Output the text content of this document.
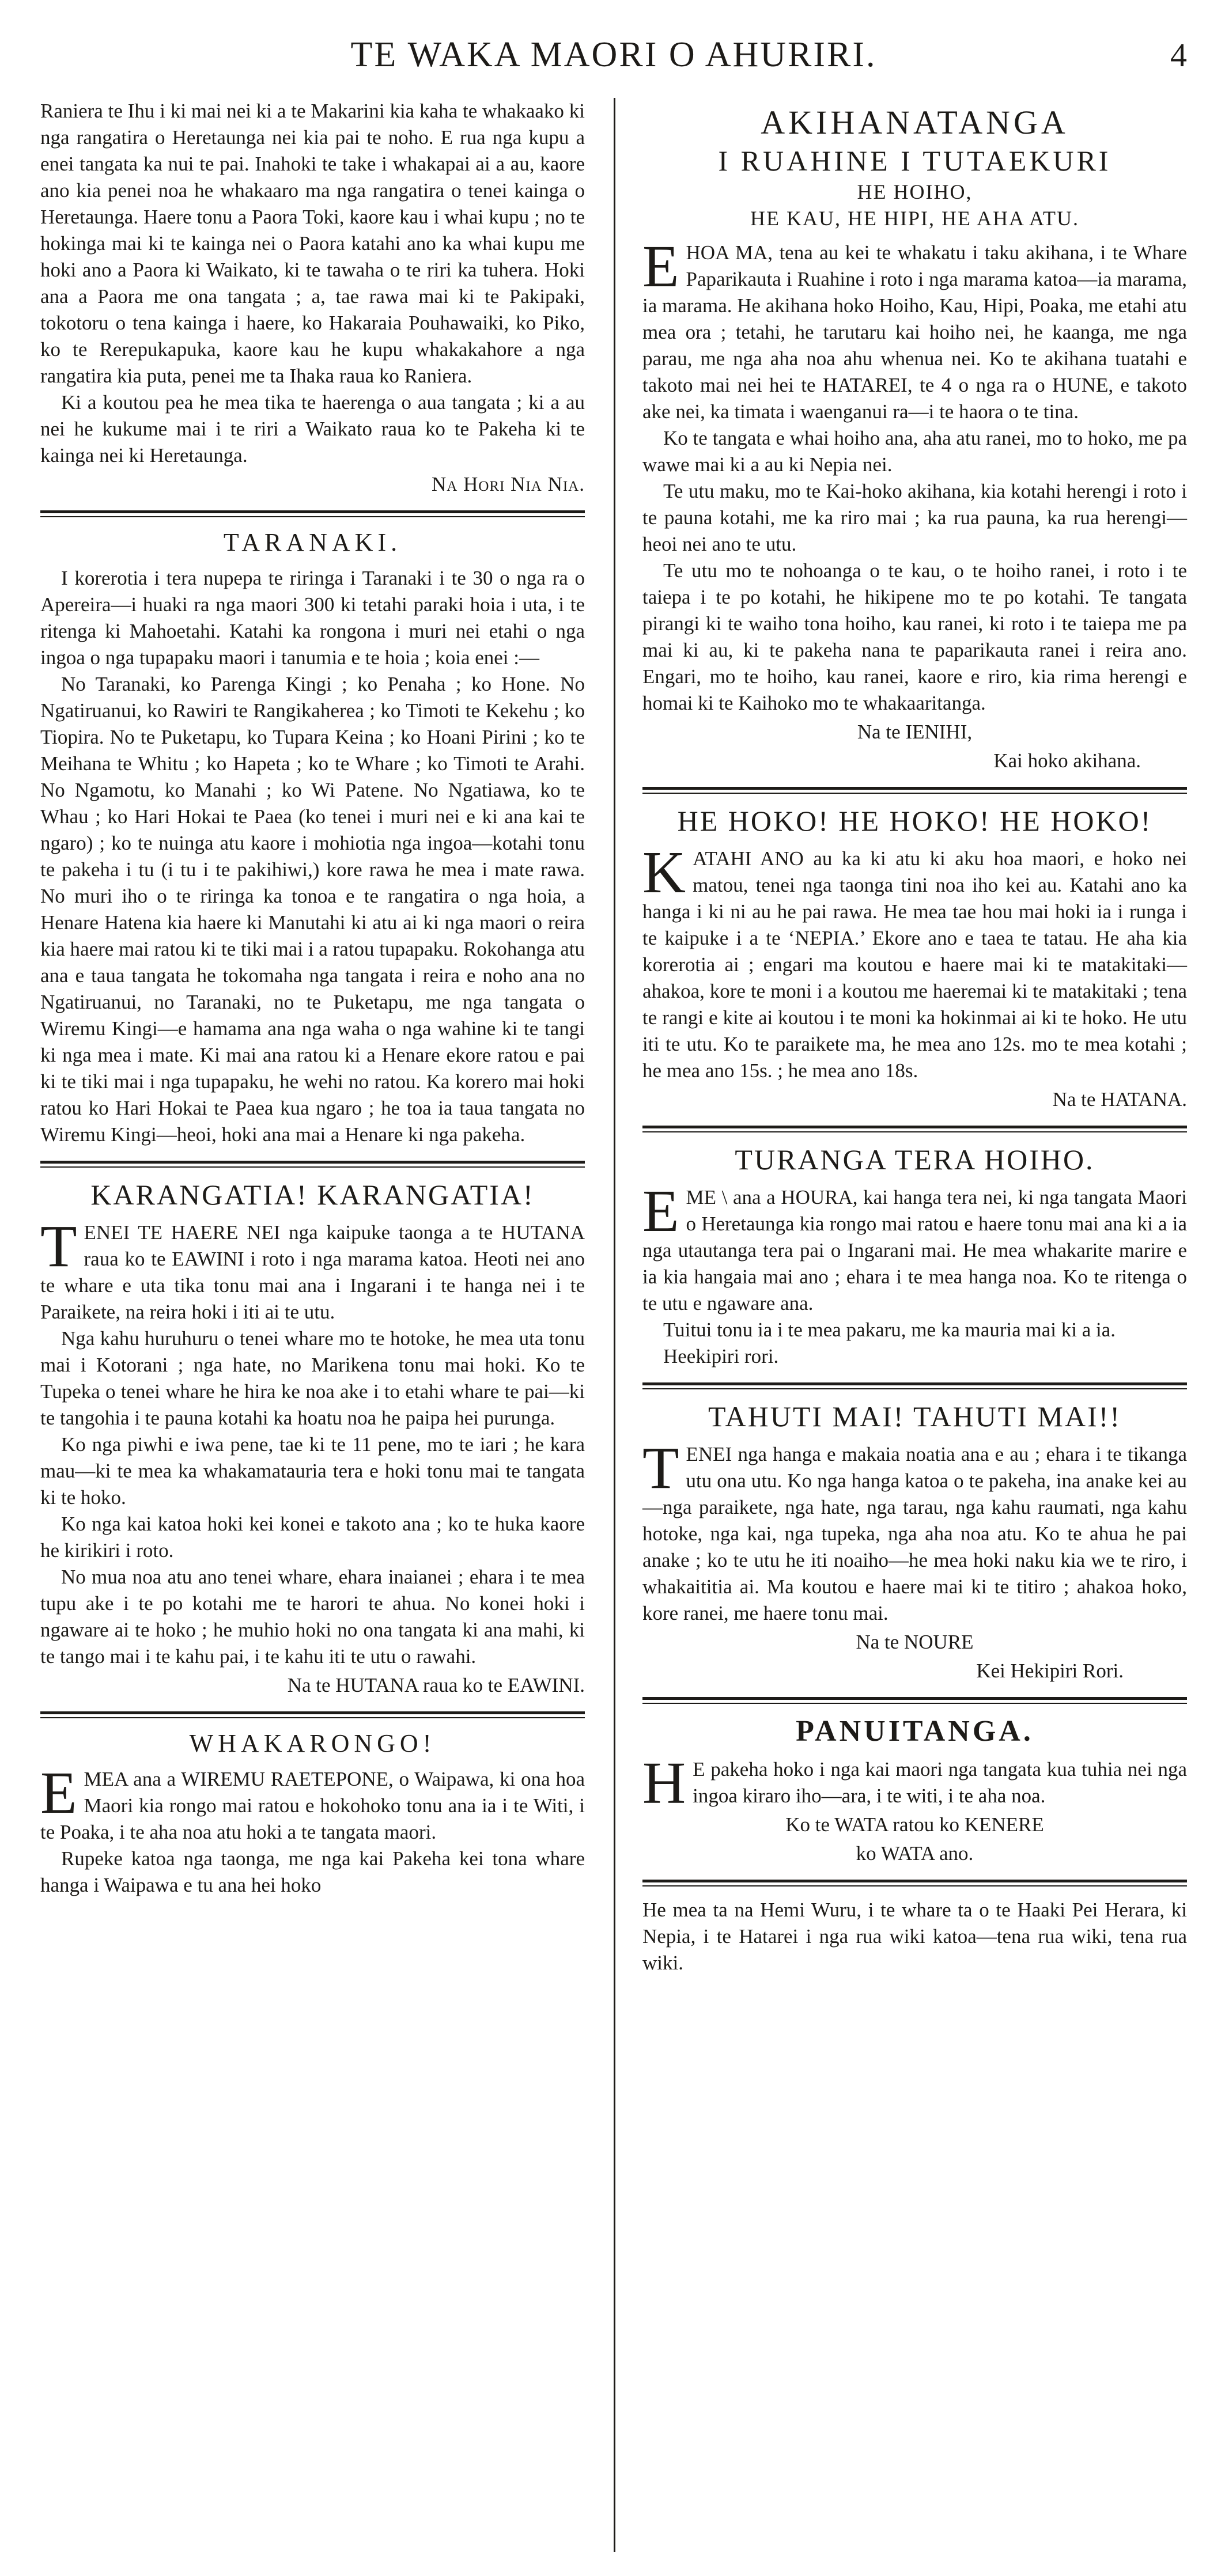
TE WAKA MAORI O AHURIRI.	4

Raniera te Ihu i ki mai nei ki a te Makarini kia kaha te whakaako ki nga rangatira o Heretaunga nei kia pai te noho. E rua nga kupu a enei tangata ka nui te pai. Inahoki te take i whakapai ai a au, kaore ano kia penei noa he whakaaro ma nga rangatira o tenei kainga o Heretaunga. Haere tonu a Paora Toki, kaore kau i whai kupu ; no te hokinga mai ki te kainga nei o Paora katahi ano ka whai kupu me hoki ano a Paora ki Waikato, ki te tawaha o te riri ka tuhera. Hoki ana a Paora me ona tangata ; a, tae rawa mai ki te Pakipaki, tokotoru o tena kainga i haere, ko Hakaraia Pouhawaiki, ko Piko, ko te Rerepukapuka, kaore kau he kupu whakakahore a nga rangatira kia puta, penei me ta Ihaka raua ko Raniera.

Ki a koutou pea he mea tika te haerenga o aua tangata ; ki a au nei he kukume mai i te riri a Waikato raua ko te Pakeha ki te kainga nei ki Heretaunga.

Na Hori Nia Nia.
TARANAKI.

I korerotia i tera nupepa te riringa i Taranaki i te 30 o nga ra o Apereira—i huaki ra nga maori 300 ki tetahi paraki hoia i uta, i te ritenga ki Mahoetahi. Katahi ka rongona i muri nei etahi o nga ingoa o nga tupapaku maori i tanumia e te hoia ; koia enei :—

No Taranaki, ko Parenga Kingi ; ko Penaha ; ko Hone. No Ngatiruanui, ko Rawiri te Rangikaherea ; ko Timoti te Kekehu ; ko Tiopira. No te Puketapu, ko Tupara Keina ; ko Hoani Pirini ; ko te Meihana te Whitu ; ko Hapeta ; ko te Whare ; ko Timoti te Arahi. No Ngamotu, ko Manahi ; ko Wi Patene. No Ngatiawa, ko te Whau ; ko Hari Hokai te Paea (ko tenei i muri nei e ki ana kai te ngaro) ; ko te nuinga atu kaore i mohiotia nga ingoa—kotahi tonu te pakeha i tu (i tu i te pakihiwi,) kore rawa he mea i mate rawa. No muri iho o te riringa ka tonoa e te rangatira o nga hoia, a Henare Hatena kia haere ki Manutahi ki atu ai ki nga maori o reira kia haere mai ratou ki te tiki mai i a ratou tupapaku. Rokohanga atu ana e taua tangata he tokomaha nga tangata i reira e noho ana no Ngatiruanui, no Taranaki, no te Puketapu, me nga tangata o Wiremu Kingi—e hamama ana nga waha o nga wahine ki te tangi ki nga mea i mate. Ki mai ana ratou ki a Henare ekore ratou e pai ki te tiki mai i nga tupapaku, he wehi no ratou. Ka korero mai hoki ratou ko Hari Hokai te Paea kua ngaro ; he toa ia taua tangata no Wiremu Kingi—heoi, hoki ana mai a Henare ki nga pakeha.

KARANGATIA! KARANGATIA!

TENEI TE HAERE NEI nga kaipuke taonga a te HUTANA raua ko te EAWINI i roto i nga marama katoa. Heoti nei ano te whare e uta tika tonu mai ana i Ingarani i te hanga nei i te Paraikete, na reira hoki i iti ai te utu.

Nga kahu huruhuru o tenei whare mo te hotoke, he mea uta tonu mai i Kotorani ; nga hate, no Marikena tonu mai hoki. Ko te Tupeka o tenei whare he hira ke noa ake i to etahi whare te pai—ki te tangohia i te pauna kotahi ka hoatu noa he paipa hei purunga.

Ko nga piwhi e iwa pene, tae ki te 11 pene, mo te iari ; he kara mau—ki te mea ka whakamatauria tera e hoki tonu mai te tangata ki te hoko.

Ko nga kai katoa hoki kei konei e takoto ana ; ko te huka kaore he kirikiri i roto.

No mua noa atu ano tenei whare, ehara inaianei ; ehara i te mea tupu ake i te po kotahi me te harori te ahua. No konei hoki i ngaware ai te hoko ; he muhio hoki no ona tangata ki ana mahi, ki te tango mai i te kahu pai, i te kahu iti te utu o rawahi.

Na te HUTANA raua ko te EAWINI.
WHAKARONGO!

EMEA ana a WIREMU RAETEPONE, o Waipawa, ki ona hoa Maori kia rongo mai ratou e hokohoko tonu ana ia i te Witi, i te Poaka, i te aha noa atu hoki a te tangata maori.

Rupeke katoa nga taonga, me nga kai Pakeha kei tona whare hanga i Waipawa e tu ana hei hoko

AKIHANATANGA
I RUAHINE I TUTAEKURI
HE HOIHO,
HE KAU, HE HIPI, HE AHA ATU.

EHOA MA, tena au kei te whakatu i taku akihana, i te Whare Paparikauta i Ruahine i roto i nga marama katoa—ia marama, ia marama. He akihana hoko Hoiho, Kau, Hipi, Poaka, me etahi atu mea ora ; tetahi, he tarutaru kai hoiho nei, he kaanga, me nga parau, me nga aha noa ahu whenua nei. Ko te akihana tuatahi e takoto mai nei hei te HATAREI, te 4 o nga ra o HUNE, e takoto ake nei, ka timata i waenganui ra—i te haora o te tina.

Ko te tangata e whai hoiho ana, aha atu ranei, mo to hoko, me pa wawe mai ki a au ki Nepia nei.

Te utu maku, mo te Kai-hoko akihana, kia kotahi herengi i roto i te pauna kotahi, me ka riro mai ; ka rua pauna, ka rua herengi—heoi nei ano te utu.

Te utu mo te nohoanga o te kau, o te hoiho ranei, i roto i te taiepa i te po kotahi, he hikipene mo te po kotahi. Te tangata pirangi ki te waiho tona hoiho, kau ranei, ki roto i te taiepa me pa mai ki au, ki te pakeha nana te paparikauta ranei i reira ano. Engari, mo te hoiho, kau ranei, kaore e riro, kia rima herengi e homai ki te Kaihoko mo te whakaaritanga.

Na te IENIHI,
Kai hoko akihana.
HE HOKO! HE HOKO! HE HOKO!

KATAHI ANO au ka ki atu ki aku hoa maori, e hoko nei matou, tenei nga taonga tini noa iho kei au. Katahi ano ka hanga i ki ni au he pai rawa. He mea tae hou mai hoki ia i runga i te kaipuke i a te ‘NEPIA.’ Ekore ano e taea te tatau. He aha kia korerotia ai ; engari ma koutou e haere mai ki te matakitaki—ahakoa, kore te moni i a koutou me haeremai ki te matakitaki ; tena te rangi e kite ai koutou i te moni ka hokinmai ai ki te hoko. He utu iti te utu. Ko te paraikete ma, he mea ano 12s. mo te mea kotahi ; he mea ano 15s. ; he mea ano 18s.

Na te HATANA.
TURANGA TERA HOIHO.

EME \ ana a HOURA, kai hanga tera nei, ki nga tangata Maori o Heretaunga kia rongo mai ratou e haere tonu mai ana ki a ia nga utautanga tera pai o Ingarani mai. He mea whakarite marire e ia kia hangaia mai ano ; ehara i te mea hanga noa. Ko te ritenga o te utu e ngaware ana.

Tuitui tonu ia i te mea pakaru, me ka mauria mai ki a ia.

Heekipiri rori.

TAHUTI MAI! TAHUTI MAI!!

TENEI nga hanga e makaia noatia ana e au ; ehara i te tikanga utu ona utu. Ko nga hanga katoa o te pakeha, ina anake kei au—nga paraikete, nga hate, nga tarau, nga kahu raumati, nga kahu hotoke, nga kai, nga tupeka, nga aha noa atu. Ko te ahua he pai anake ; ko te utu he iti noaiho—he mea hoki naku kia we te riro, i whakaititia ai. Ma koutou e haere mai ki te titiro ; ahakoa hoko, kore ranei, me haere tonu mai.

Na te NOURE
Kei Hekipiri Rori.
PANUITANGA.

H E pakeha hoko i nga kai maori nga tangata kua tuhia nei nga ingoa kiraro iho—ara, i te witi, i te aha noa.

Ko te WATA ratou ko KENERE
ko WATA ano.

He mea ta na Hemi Wuru, i te whare ta o te Haaki Pei Herara, ki Nepia, i te Hatarei i nga rua wiki katoa—tena rua wiki, tena rua wiki.
